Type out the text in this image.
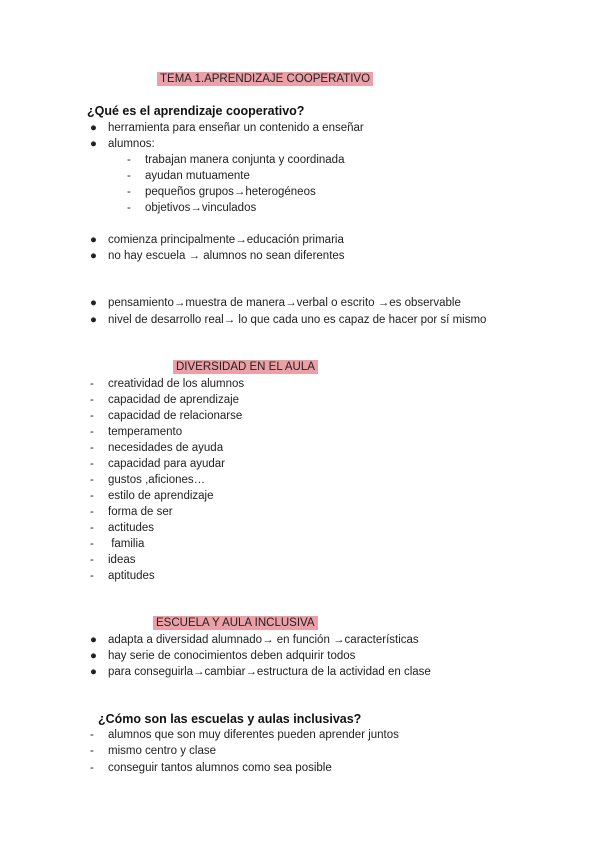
TEMA 1.APRENDIZAJE COOPERATIVO
¿Qué es el aprendizaje cooperativo?
● herramienta para enseñar un contenido a enseñar
● alumnos:
- trabajan manera conjunta y coordinada
- ayudan mutuamente
- pequeños grupos→heterogéneos
- objetivos→vinculados
● comienza principalmente→educación primaria
● no hay escuela → alumnos no sean diferentes
● pensamiento→muestra de manera→verbal o escrito →es observable
● nivel de desarrollo real→ lo que cada uno es capaz de hacer por sí mismo
DIVERSIDAD EN EL AULA
- creatividad de los alumnos
- capacidad de aprendizaje
- capacidad de relacionarse
- temperamento
- necesidades de ayuda
- capacidad para ayudar
- gustos ,aficiones…
- estilo de aprendizaje
- forma de ser
- actitudes
- familia
- ideas
- aptitudes
ESCUELA Y AULA INCLUSIVA
● adapta a diversidad alumnado→ en función →características
● hay serie de conocimientos deben adquirir todos
● para conseguirla→cambiar→estructura de la actividad en clase
¿Cómo son las escuelas y aulas inclusivas?
- alumnos que son muy diferentes pueden aprender juntos
- mismo centro y clase
- conseguir tantos alumnos como sea posible
